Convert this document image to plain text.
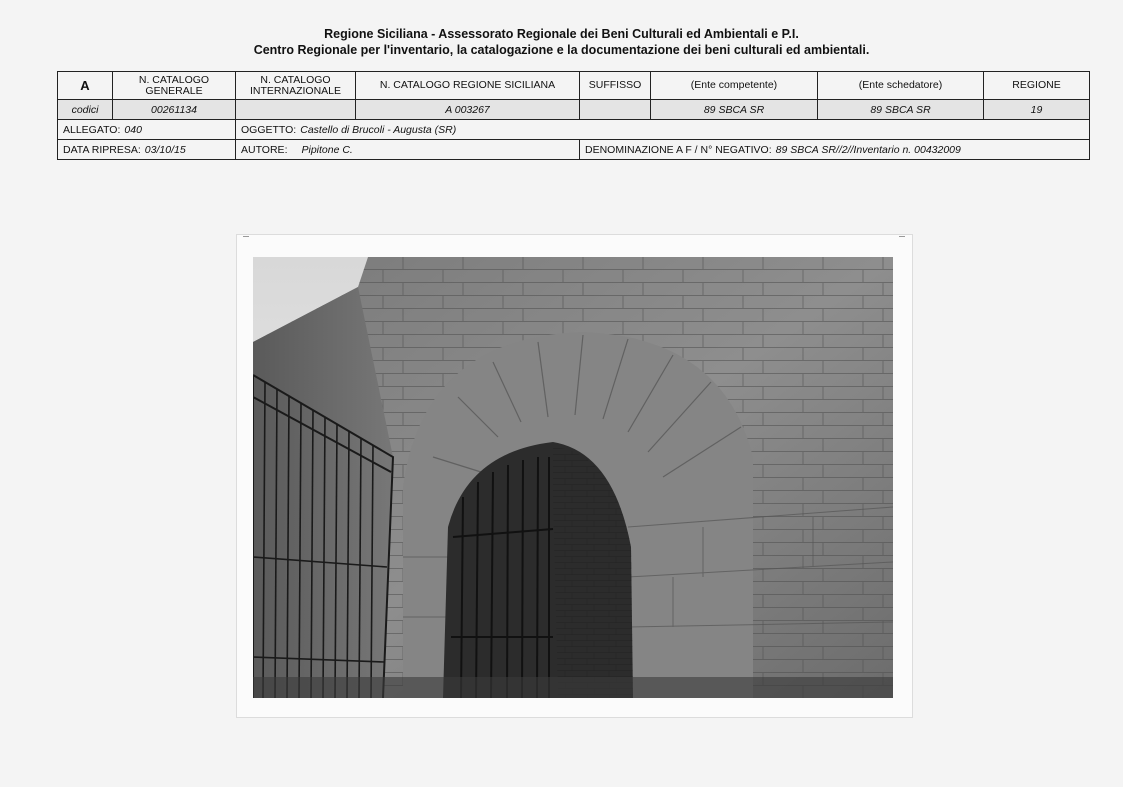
Regione Siciliana - Assessorato Regionale dei Beni Culturali ed Ambientali e P.I.
Centro Regionale per l'inventario, la catalogazione e la documentazione dei beni culturali ed ambientali.
A	N. CATALOGO GENERALE	N. CATALOGO INTERNAZIONALE	N. CATALOGO REGIONE SICILIANA	SUFFISSO	(Ente competente)	(Ente schedatore)	REGIONE
codici	00261134		A 003267		89 SBCA SR	89 SBCA SR	19
ALLEGATO: 040		OGGETTO: Castello di Brucoli - Augusta (SR)					
DATA RIPRESA: 03/10/15		AUTORE: Pipitone C.		DENOMINAZIONE A F / N° NEGATIVO: 89 SBCA SR//2//Inventario n. 00432009			
